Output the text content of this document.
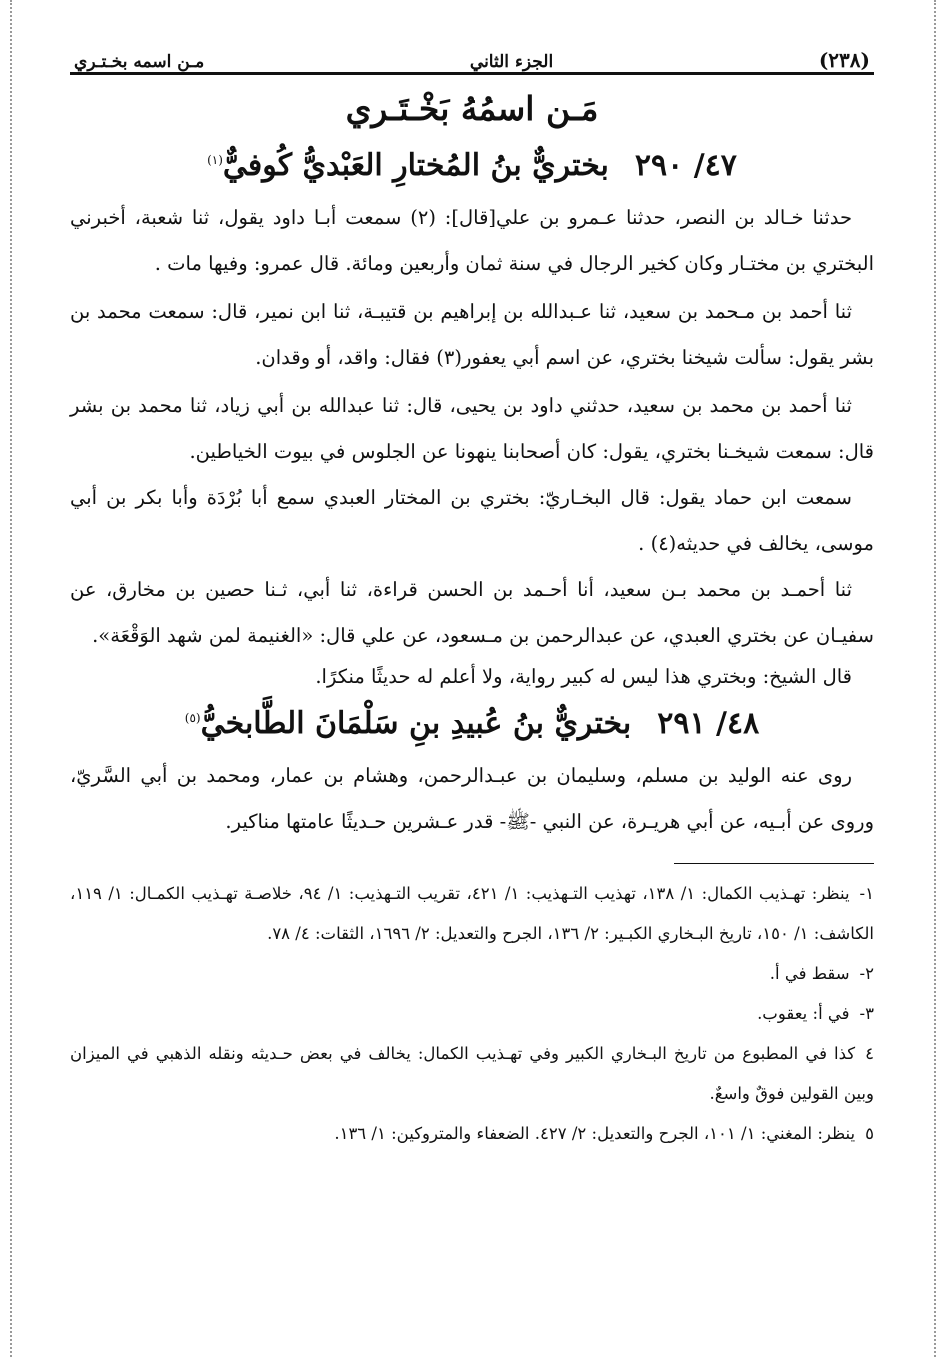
(٢٣٨)
الجزء الثاني
مـن اسمه بخـتـري
مَـن اسمُهُ بَخْـتَـري
٤٧/ ٢٩٠بختريٌّ بنُ المُختارِ العَبْديُّ كُوفيٌّ$^{(١)}$

حدثنا خـالد بن النصر، حدثنا عـمرو بن علي[قال]: (٢) سمعت أبـا داود يقول، ثنا شعبة، أخبرني البختري بن مختـار وكان كخير الرجال في سنة ثمان وأربعين ومائة. قال عمرو: وفيها مات .

ثنا أحمد بن مـحمد بن سعيد، ثنا عـبدالله بن إبراهيم بن قتيبـة، ثنا ابن نمير، قال: سمعت محمد بن بشر يقول: سألت شيخنا بختري، عن اسم أبي يعفور(٣) فقال: واقد، أو وقدان.

ثنا أحمد بن محمد بن سعيد، حدثني داود بن يحيى، قال: ثنا عبدالله بن أبي زياد، ثنا محمد بن بشر قال: سمعت شيخـنا بختري، يقول: كان أصحابنا ينهونا عن الجلوس في بيوت الخياطين.

سمعت ابن حماد يقول: قال البخـاريّ: بختري بن المختار العبدي سمع أبا بُرْدَة وأبا بكر بن أبي موسى، يخالف في حديثه(٤) .

ثنا أحمـد بن محمد بـن سعيد، أنا أحـمد بن الحسن قراءة، ثنا أبي، ثـنا حصين بن مخارق، عن سفيـان عن بختري العبدي، عن عبدالرحمن بن مـسعود، عن علي قال: «الغنيمة لمن شهد الوَقْعَة».

قال الشيخ: وبختري هذا ليس له كبير رواية، ولا أعلم له حديثًا منكرًا.

٤٨/ ٢٩١بختريٌّ بنُ عُبيدِ بنِ سَلْمَانَ الطَّابخيُّ$^{(٥)}$

روى عنه الوليد بن مسلم، وسليمان بن عبـدالرحمن، وهشام بن عمار، ومحمد بن أبي السَّريّ، وروى عن أبـيه، عن أبي هريـرة، عن النبي -ﷺ- قدر عـشرين حـديثًا عامتها مناكير.

١-ينظر: تهـذيب الكمال: ١/ ١٣٨، تهذيب التـهذيب: ١/ ٤٢١، تقريب التـهذيب: ١/ ٩٤، خلاصـة تهـذيب الكمـال: ١/ ١١٩، الكاشف: ١/ ١٥٠، تاريخ البـخاري الكبـير: ٢/ ١٣٦، الجرح والتعديل: ٢/ ١٦٩٦، الثقات: ٤/ ٧٨.

٢-سقط في أ.

٣-في أ: يعقوب.

٤كذا في المطبوع من تاريخ البـخاري الكبير وفي تهـذيب الكمال: يخالف في بعض حـديثه ونقله الذهبي في الميزان وبين القولين فوقٌ واسعٌ.

٥ينظر: المغني: ١/ ١٠١، الجرح والتعديل: ٢/ ٤٢٧. الضعفاء والمتروكين: ١/ ١٣٦.
